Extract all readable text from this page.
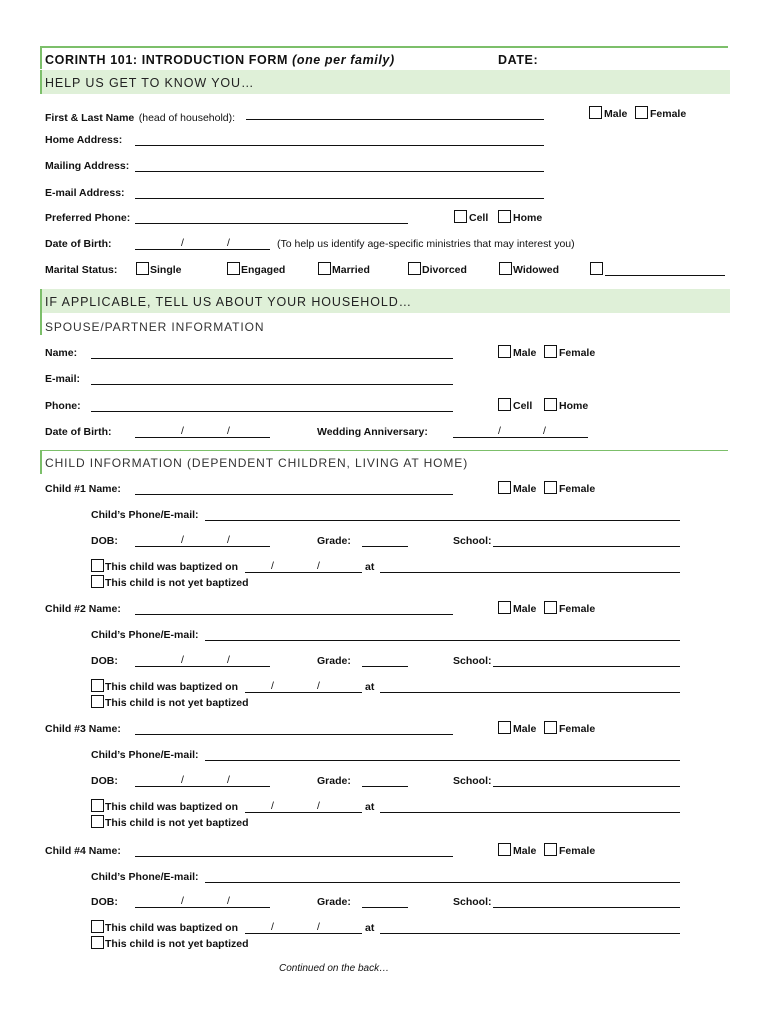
CORINTH 101: INTRODUCTION FORM (one per family)	DATE:
HELP US GET TO KNOW YOU…
First & Last Name (head of household):	Male Female
Home Address:
Mailing Address:
E-mail Address:
Preferred Phone:	Cell Home
Date of Birth:	/	/	(To help us identify age-specific ministries that may interest you)
Marital Status:	Single	Engaged	Married	Divorced	Widowed
IF APPLICABLE, TELL US ABOUT YOUR HOUSEHOLD…
SPOUSE/PARTNER INFORMATION
Name:	Male Female
E-mail:
Phone:	Cell	Home
Date of Birth:	/	/	Wedding Anniversary:	/	/
CHILD INFORMATION (DEPENDENT CHILDREN, LIVING AT HOME)
Child #1 Name:	Male Female
Child’s Phone/E-mail:
DOB:	/	/	Grade:	School:
This child was baptized on	/	/	at
This child is not yet baptized
Child #2 Name:	Male Female
Child’s Phone/E-mail:
DOB:	/	/	Grade:	School:
This child was baptized on	/	/	at
This child is not yet baptized
Child #3 Name:	Male Female
Child’s Phone/E-mail:
DOB:	/	/	Grade:	School:
This child was baptized on	/	/	at
This child is not yet baptized
Child #4 Name:	Male Female
Child’s Phone/E-mail:
DOB:	/	/	Grade:	School:
This child was baptized on	/	/	at
This child is not yet baptized
Continued on the back…
